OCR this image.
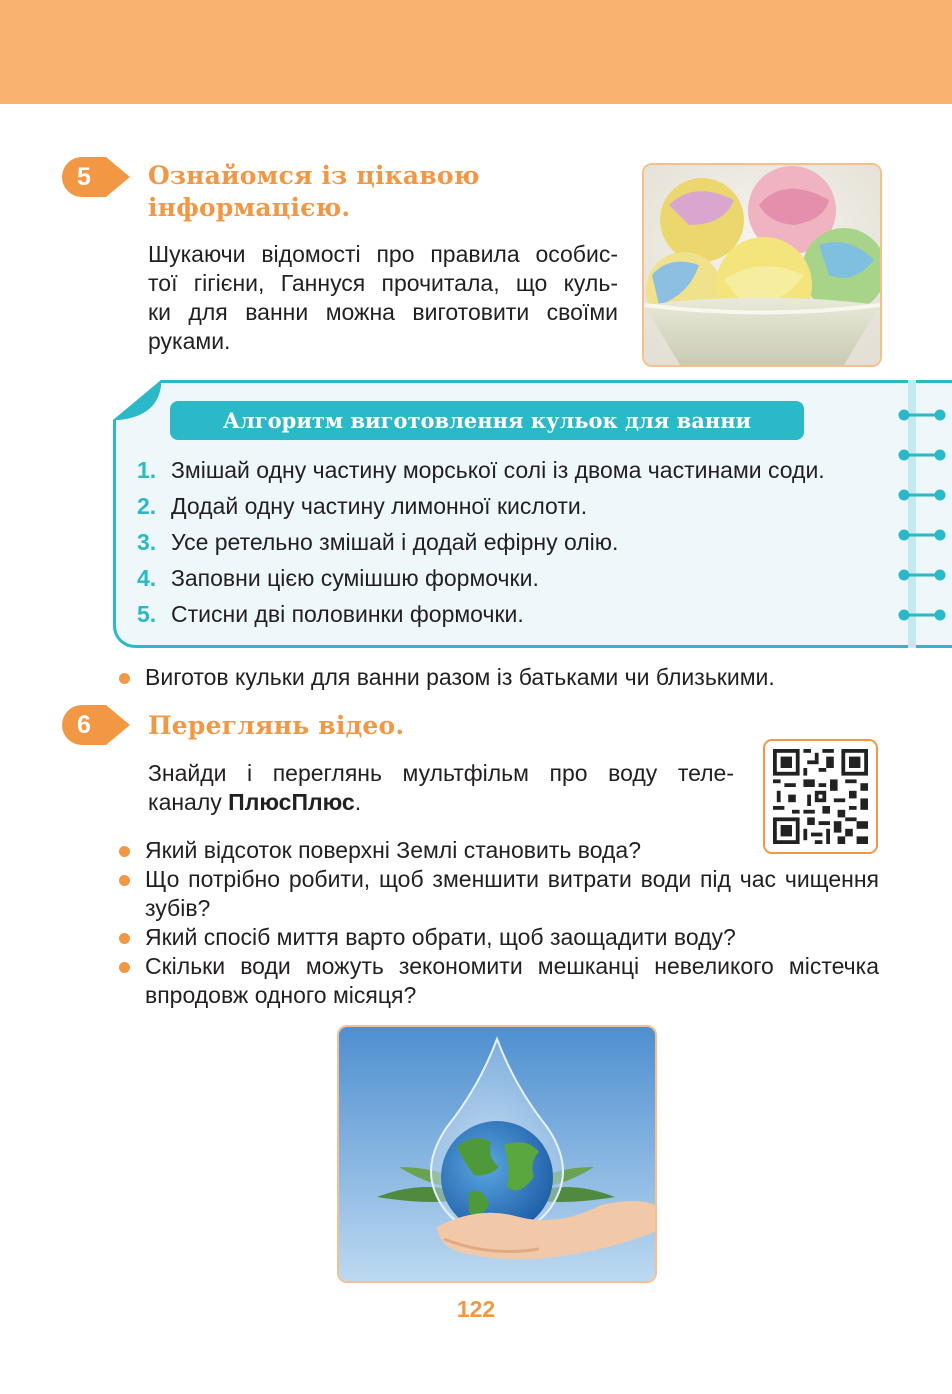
5	Ознайомся із цікавою
інформацією.
Шукаючи відомості про правила особис-
тої гігієни, Ганнуся прочитала, що куль-
ки для ванни можна виготовити своїми
руками.
Алгоритм виготовлення кульок для ванни
1. Змішай одну частину морської солі із двома частинами соди.
2. Додай одну частину лимонної кислоти.
3. Усе ретельно змішай і додай ефірну олію.
4. Заповни цією сумішшю формочки.
5. Стисни дві половинки формочки.
Виготов кульки для ванни разом із батьками чи близькими.
6	Переглянь відео.
Знайди і переглянь мультфільм про воду теле-
каналу ПлюсПлюс.
Який відсоток поверхні Землі становить вода?
Що потрібно робити, щоб зменшити витрати води під час чищення зубів?
Який спосіб миття варто обрати, щоб заощадити воду?
Скільки води можуть зекономити мешканці невеликого містечка впродовж одного місяця?
122
